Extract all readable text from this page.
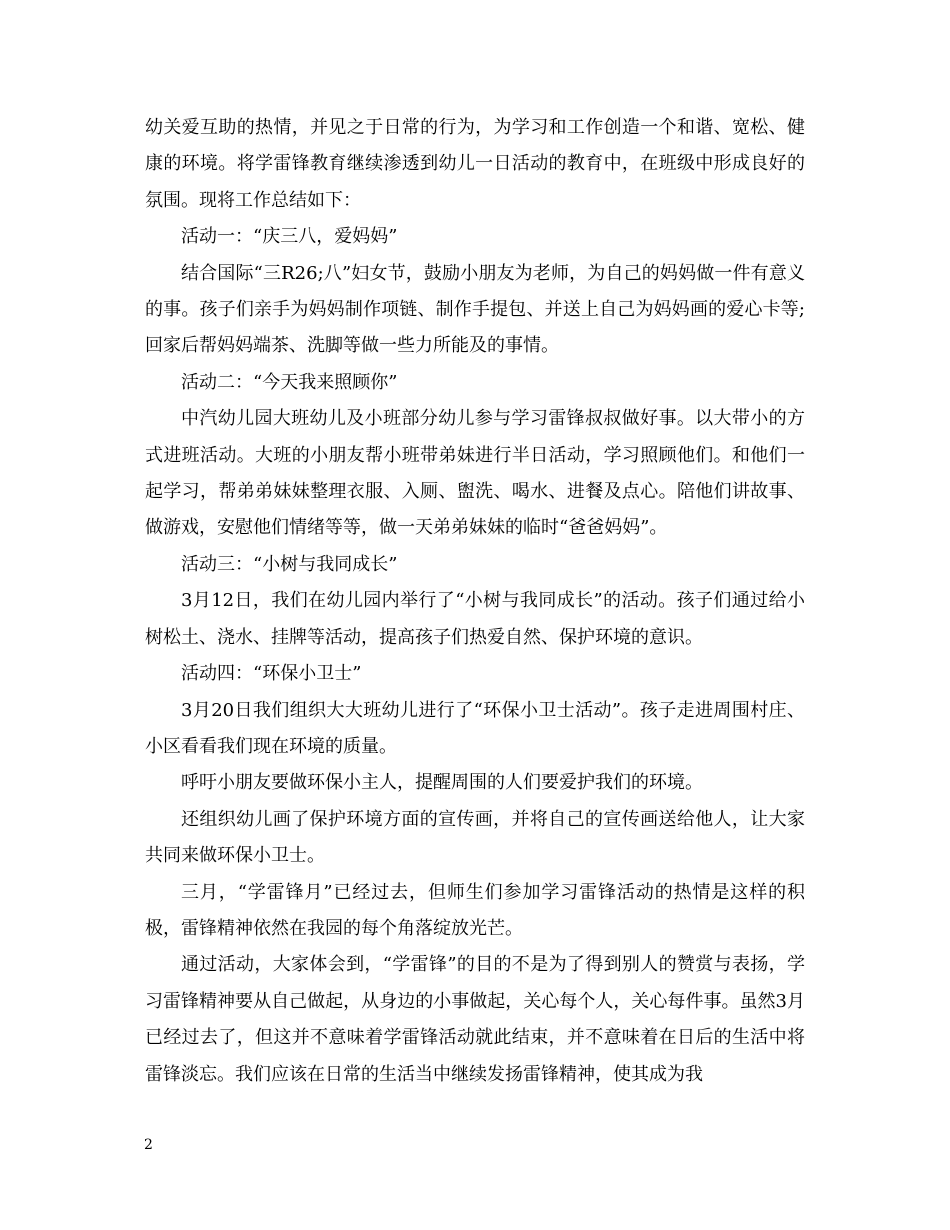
幼关爱互助的热情，并见之于日常的行为，为学习和工作创造一个和谐、宽松、健康的环境。将学雷锋教育继续渗透到幼儿一日活动的教育中，在班级中形成良好的氛围。现将工作总结如下：

活动一：“庆三八，爱妈妈”

结合国际“三R26;八”妇女节，鼓励小朋友为老师，为自己的妈妈做一件有意义的事。孩子们亲手为妈妈制作项链、制作手提包、并送上自己为妈妈画的爱心卡等;回家后帮妈妈端茶、洗脚等做一些力所能及的事情。

活动二：“今天我来照顾你”

中汽幼儿园大班幼儿及小班部分幼儿参与学习雷锋叔叔做好事。以大带小的方式进班活动。大班的小朋友帮小班带弟妹进行半日活动，学习照顾他们。和他们一起学习，帮弟弟妹妹整理衣服、入厕、盥洗、喝水、进餐及点心。陪他们讲故事、做游戏，安慰他们情绪等等，做一天弟弟妹妹的临时“爸爸妈妈”。

活动三：“小树与我同成长”

3月12日，我们在幼儿园内举行了“小树与我同成长”的活动。孩子们通过给小树松土、浇水、挂牌等活动，提高孩子们热爱自然、保护环境的意识。

活动四：“环保小卫士”

3月20日我们组织大大班幼儿进行了“环保小卫士活动”。孩子走进周围村庄、小区看看我们现在环境的质量。

呼吁小朋友要做环保小主人，提醒周围的人们要爱护我们的环境。

还组织幼儿画了保护环境方面的宣传画，并将自己的宣传画送给他人，让大家共同来做环保小卫士。

三月，“学雷锋月”已经过去，但师生们参加学习雷锋活动的热情是这样的积极，雷锋精神依然在我园的每个角落绽放光芒。

通过活动，大家体会到，“学雷锋”的目的不是为了得到别人的赞赏与表扬，学习雷锋精神要从自己做起，从身边的小事做起，关心每个人，关心每件事。虽然3月已经过去了，但这并不意味着学雷锋活动就此结束，并不意味着在日后的生活中将雷锋淡忘。我们应该在日常的生活当中继续发扬雷锋精神，使其成为我

2
